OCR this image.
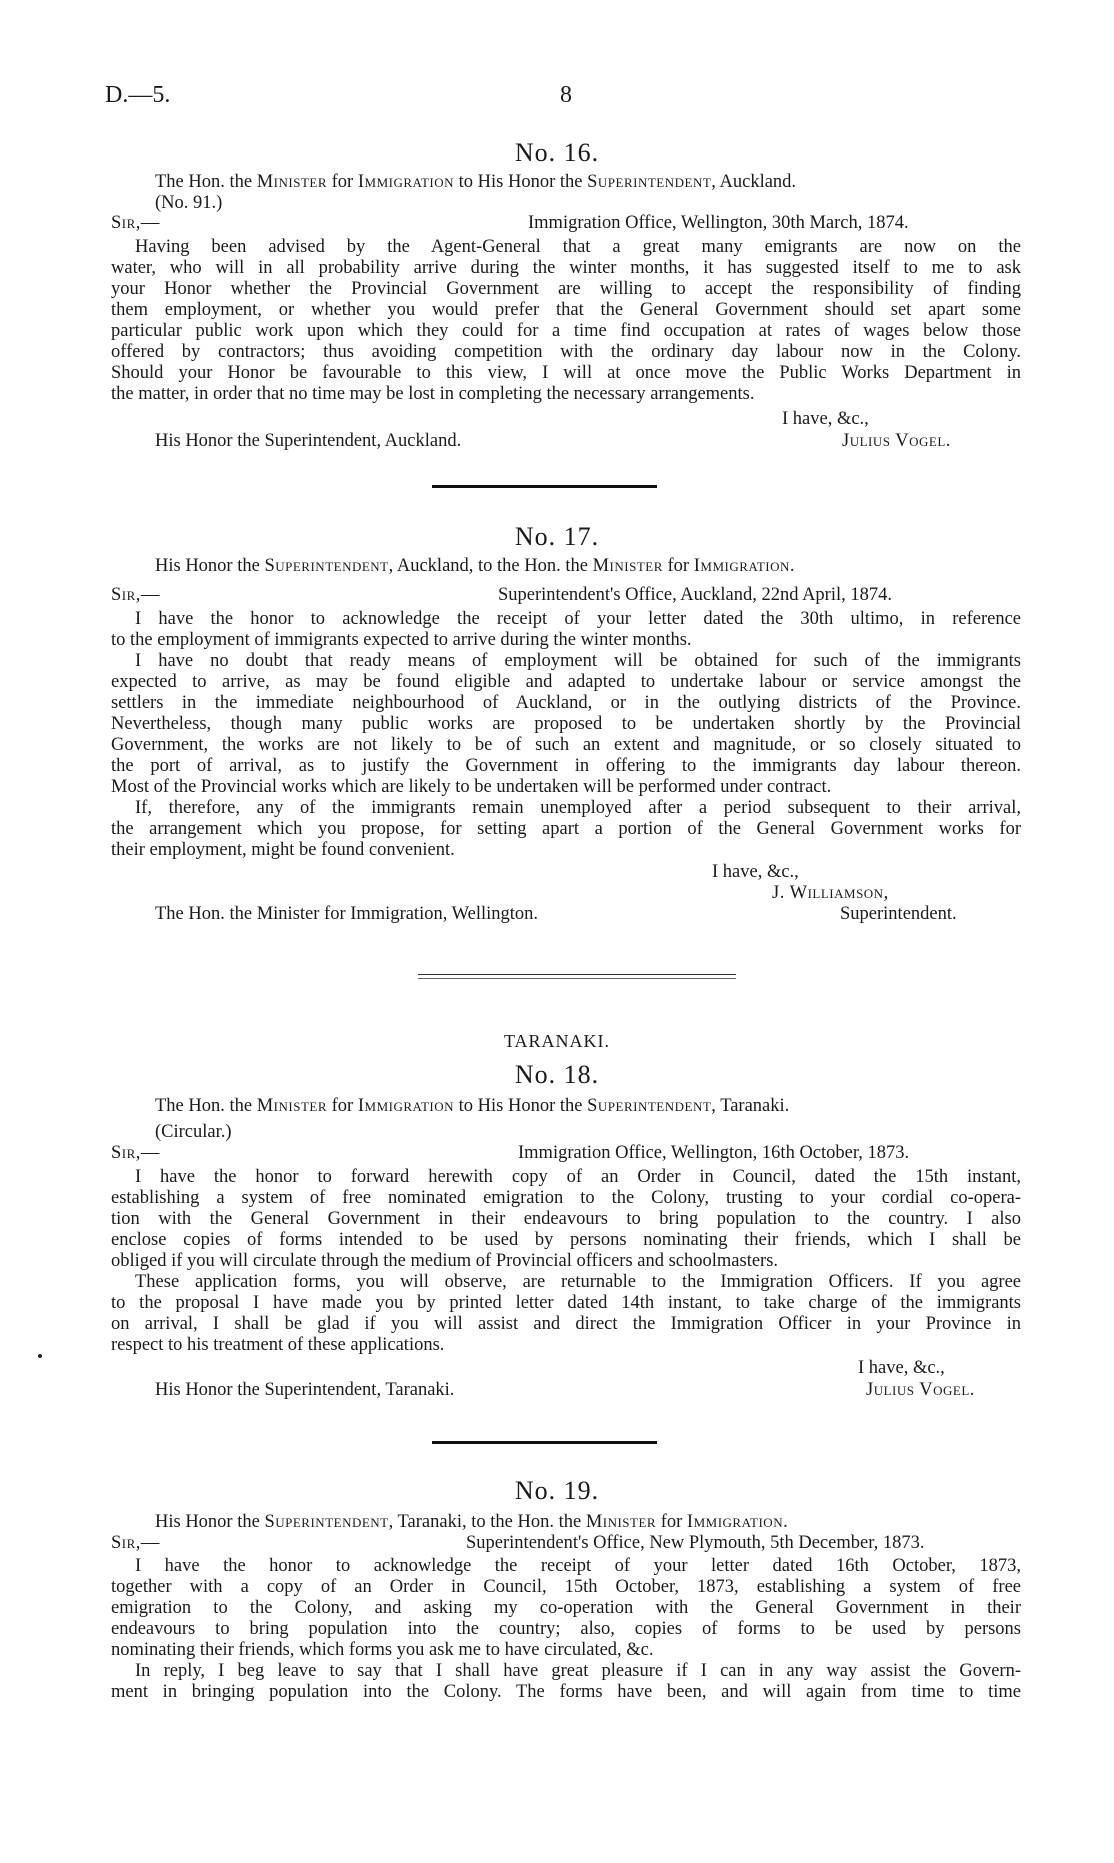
D.—5.	8
No. 16.
The Hon. the Minister for Immigration to His Honor the Superintendent, Auckland.
(No. 91.)
Sir,—	Immigration Office, Wellington, 30th March, 1874.
Having been advised by the Agent-General that a great many emigrants are now on the
water, who will in all probability arrive during the winter months, it has suggested itself to me to ask
your Honor whether the Provincial Government are willing to accept the responsibility of finding
them employment, or whether you would prefer that the General Government should set apart some
particular public work upon which they could for a time find occupation at rates of wages below those
offered by contractors; thus avoiding competition with the ordinary day labour now in the Colony.
Should your Honor be favourable to this view, I will at once move the Public Works Department in
the matter, in order that no time may be lost in completing the necessary arrangements.
I have, &c.,
His Honor the Superintendent, Auckland.	Julius Vogel.
No. 17.
His Honor the Superintendent, Auckland, to the Hon. the Minister for Immigration.
Sir,—	Superintendent's Office, Auckland, 22nd April, 1874.
I have the honor to acknowledge the receipt of your letter dated the 30th ultimo, in reference
to the employment of immigrants expected to arrive during the winter months.
I have no doubt that ready means of employment will be obtained for such of the immigrants
expected to arrive, as may be found eligible and adapted to undertake labour or service amongst the
settlers in the immediate neighbourhood of Auckland, or in the outlying districts of the Province.
Nevertheless, though many public works are proposed to be undertaken shortly by the Provincial
Government, the works are not likely to be of such an extent and magnitude, or so closely situated to
the port of arrival, as to justify the Government in offering to the immigrants day labour thereon.
Most of the Provincial works which are likely to be undertaken will be performed under contract.
If, therefore, any of the immigrants remain unemployed after a period subsequent to their arrival,
the arrangement which you propose, for setting apart a portion of the General Government works for
their employment, might be found convenient.
I have, &c.,
J. Williamson,
The Hon. the Minister for Immigration, Wellington.	Superintendent.
TARANAKI.
No. 18.
The Hon. the Minister for Immigration to His Honor the Superintendent, Taranaki.
(Circular.)
Sir,—	Immigration Office, Wellington, 16th October, 1873.
I have the honor to forward herewith copy of an Order in Council, dated the 15th instant,
establishing a system of free nominated emigration to the Colony, trusting to your cordial co-opera-
tion with the General Government in their endeavours to bring population to the country. I also
enclose copies of forms intended to be used by persons nominating their friends, which I shall be
obliged if you will circulate through the medium of Provincial officers and schoolmasters.
These application forms, you will observe, are returnable to the Immigration Officers. If you agree
to the proposal I have made you by printed letter dated 14th instant, to take charge of the immigrants
on arrival, I shall be glad if you will assist and direct the Immigration Officer in your Province in
respect to his treatment of these applications.
I have, &c.,
His Honor the Superintendent, Taranaki.	Julius Vogel.
No. 19.
His Honor the Superintendent, Taranaki, to the Hon. the Minister for Immigration.
Sir,—	Superintendent's Office, New Plymouth, 5th December, 1873.
I have the honor to acknowledge the receipt of your letter dated 16th October, 1873,
together with a copy of an Order in Council, 15th October, 1873, establishing a system of free
emigration to the Colony, and asking my co-operation with the General Government in their
endeavours to bring population into the country; also, copies of forms to be used by persons
nominating their friends, which forms you ask me to have circulated, &c.
In reply, I beg leave to say that I shall have great pleasure if I can in any way assist the Govern-
ment in bringing population into the Colony. The forms have been, and will again from time to time
